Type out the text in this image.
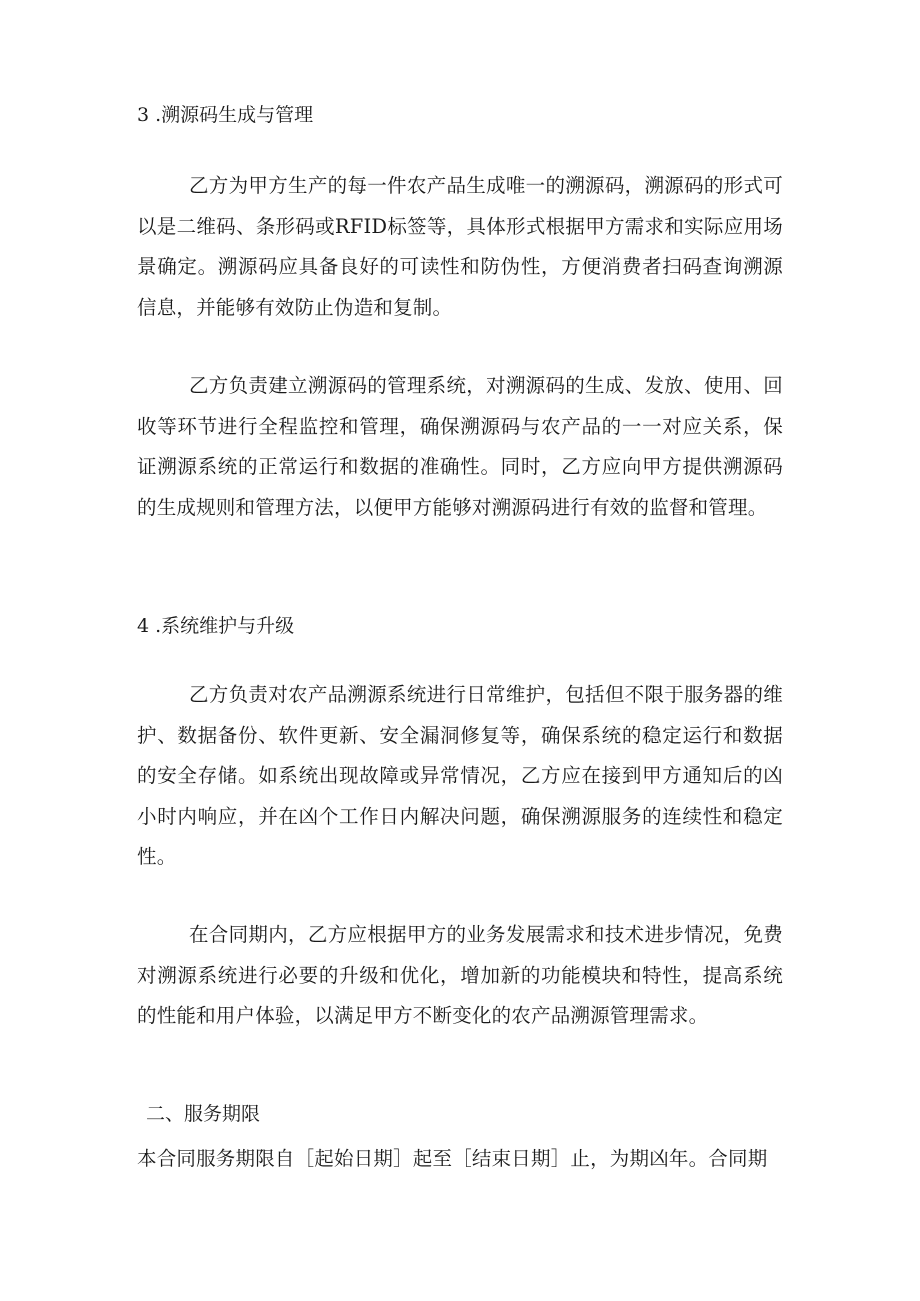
3 .溯源码生成与管理

乙方为甲方生产的每一件农产品生成唯一的溯源码，溯源码的形式可以是二维码、条形码或RFID标签等，具体形式根据甲方需求和实际应用场景确定。溯源码应具备良好的可读性和防伪性，方便消费者扫码查询溯源信息，并能够有效防止伪造和复制。

乙方负责建立溯源码的管理系统，对溯源码的生成、发放、使用、回收等环节进行全程监控和管理，确保溯源码与农产品的一一对应关系，保证溯源系统的正常运行和数据的准确性。同时，乙方应向甲方提供溯源码的生成规则和管理方法，以便甲方能够对溯源码进行有效的监督和管理。

4 .系统维护与升级

乙方负责对农产品溯源系统进行日常维护，包括但不限于服务器的维护、数据备份、软件更新、安全漏洞修复等，确保系统的稳定运行和数据的安全存储。如系统出现故障或异常情况，乙方应在接到甲方通知后的凶小时内响应，并在凶个工作日内解决问题，确保溯源服务的连续性和稳定性。

在合同期内，乙方应根据甲方的业务发展需求和技术进步情况，免费对溯源系统进行必要的升级和优化，增加新的功能模块和特性，提高系统的性能和用户体验，以满足甲方不断变化的农产品溯源管理需求。

二、服务期限

本合同服务期限自［起始日期］起至［结束日期］止，为期凶年。合同期
